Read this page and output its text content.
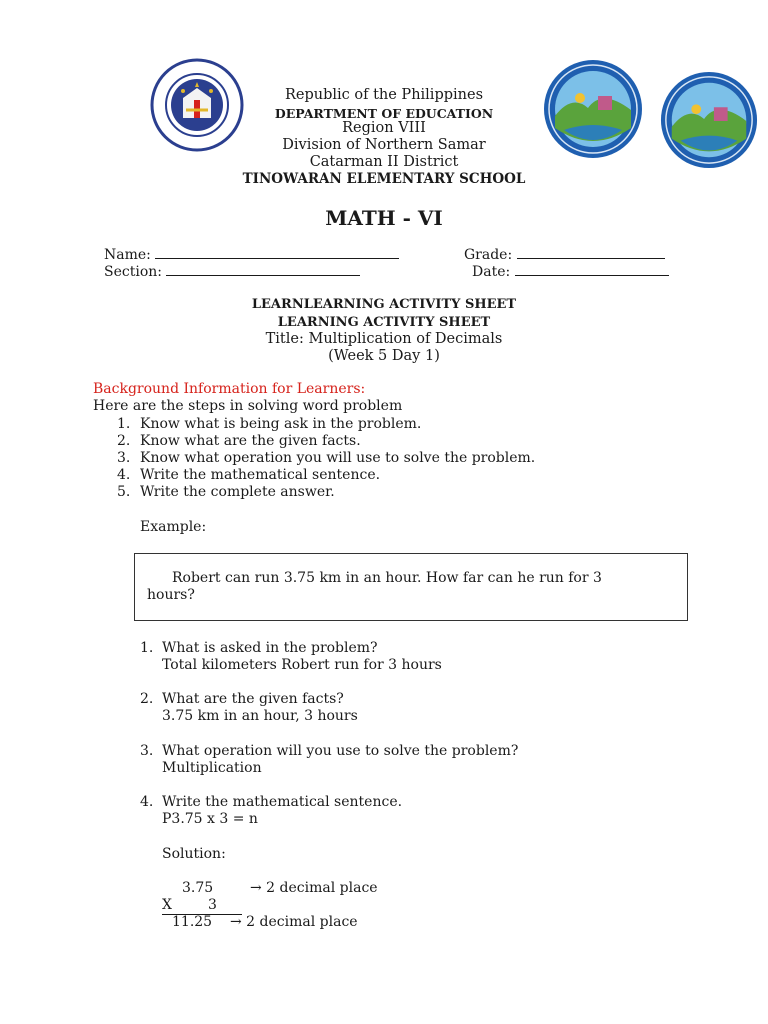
Republic of the Philippines
DEPARTMENT OF EDUCATION
Region VIII
Division of Northern Samar
Catarman II District
TINOWARAN ELEMENTARY SCHOOL
MATH - VI
Name:	Grade:
Section:	Date:
LEARNLEARNING ACTIVITY SHEET
LEARNING ACTIVITY SHEET
Title: Multiplication of Decimals
(Week 5 Day 1)
Background Information for Learners:
Here are the steps in solving word problem
1. Know what is being ask in the problem.
2. Know what are the given facts.
3. Know what operation you will use to solve the problem.
4. Write the mathematical sentence.
5. Write the complete answer.
Example:
Robert can run 3.75 km in an hour. How far can he run for 3
hours?
1. What is asked in the problem?
Total kilometers Robert run for 3 hours
2. What are the given facts?
3.75 km in an hour, 3 hours
3. What operation will you use to solve the problem?
Multiplication
4. Write the mathematical sentence.
P3.75 x 3 = n
Solution:
3.75	→ 2 decimal place
X	3
11.25 → 2 decimal place
